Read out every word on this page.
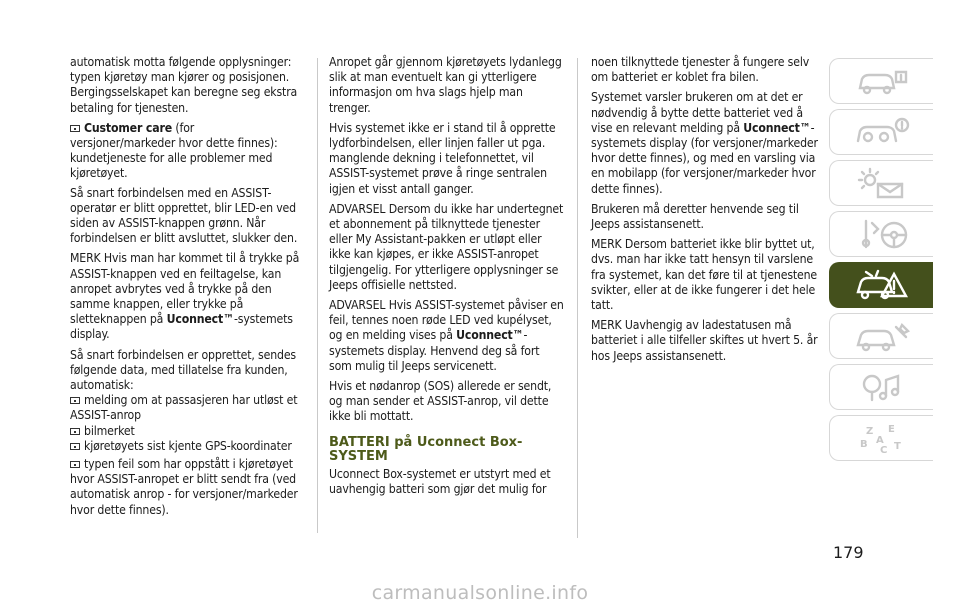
automatisk motta følgende opplysninger: typen kjøretøy man kjører og posisjonen. Bergingsselskapet kan beregne seg ekstra betaling for tjenesten.

Customer care (for versjoner/markeder hvor dette finnes): kundetjeneste for alle problemer med kjøretøyet.

Så snart forbindelsen med en ASSIST-operatør er blitt opprettet, blir LED-en ved siden av ASSIST-knappen grønn. Når forbindelsen er blitt avsluttet, slukker den.

MERK Hvis man har kommet til å trykke på ASSIST-knappen ved en feiltagelse, kan anropet avbrytes ved å trykke på den samme knappen, eller trykke på sletteknappen på Uconnect™-systemets display.

Så snart forbindelsen er opprettet, sendes følgende data, med tillatelse fra kunden, automatisk:

melding om at passasjeren har utløst et ASSIST-anrop

bilmerket

kjøretøyets sist kjente GPS-koordinater

typen feil som har oppstått i kjøretøyet hvor ASSIST-anropet er blitt sendt fra (ved automatisk anrop - for versjoner/markeder hvor dette finnes).

Anropet går gjennom kjøretøyets lydanlegg slik at man eventuelt kan gi ytterligere informasjon om hva slags hjelp man trenger.

Hvis systemet ikke er i stand til å opprette lydforbindelsen, eller linjen faller ut pga. manglende dekning i telefonnettet, vil ASSIST-systemet prøve å ringe sentralen igjen et visst antall ganger.

ADVARSEL Dersom du ikke har undertegnet et abonnement på tilknyttede tjenester eller My Assistant-pakken er utløpt eller ikke kan kjøpes, er ikke ASSIST-anropet tilgjengelig. For ytterligere opplysninger se Jeeps offisielle nettsted.

ADVARSEL Hvis ASSIST-systemet påviser en feil, tennes noen røde LED ved kupélyset, og en melding vises på Uconnect™-systemets display. Henvend deg så fort som mulig til Jeeps servicenett.

Hvis et nødanrop (SOS) allerede er sendt, og man sender et ASSIST-anrop, vil dette ikke bli mottatt.

BATTERI på Uconnect Box-SYSTEM

Uconnect Box-systemet er utstyrt med et uavhengig batteri som gjør det mulig for

noen tilknyttede tjenester å fungere selv om batteriet er koblet fra bilen.

Systemet varsler brukeren om at det er nødvendig å bytte dette batteriet ved å vise en relevant melding på Uconnect™-systemets display (for versjoner/markeder hvor dette finnes), og med en varsling via en mobilapp (for versjoner/markeder hvor dette finnes).

Brukeren må deretter henvende seg til Jeeps assistansenett.

MERK Dersom batteriet ikke blir byttet ut, dvs. man har ikke tatt hensyn til varslene fra systemet, kan det føre til at tjenestene svikter, eller at de ikke fungerer i det hele tatt.

MERK Uavhengig av ladestatusen må batteriet i alle tilfeller skiftes ut hvert 5. år hos Jeeps assistansenett.

Z E
B A
C T
179
carmanualsonline.info
